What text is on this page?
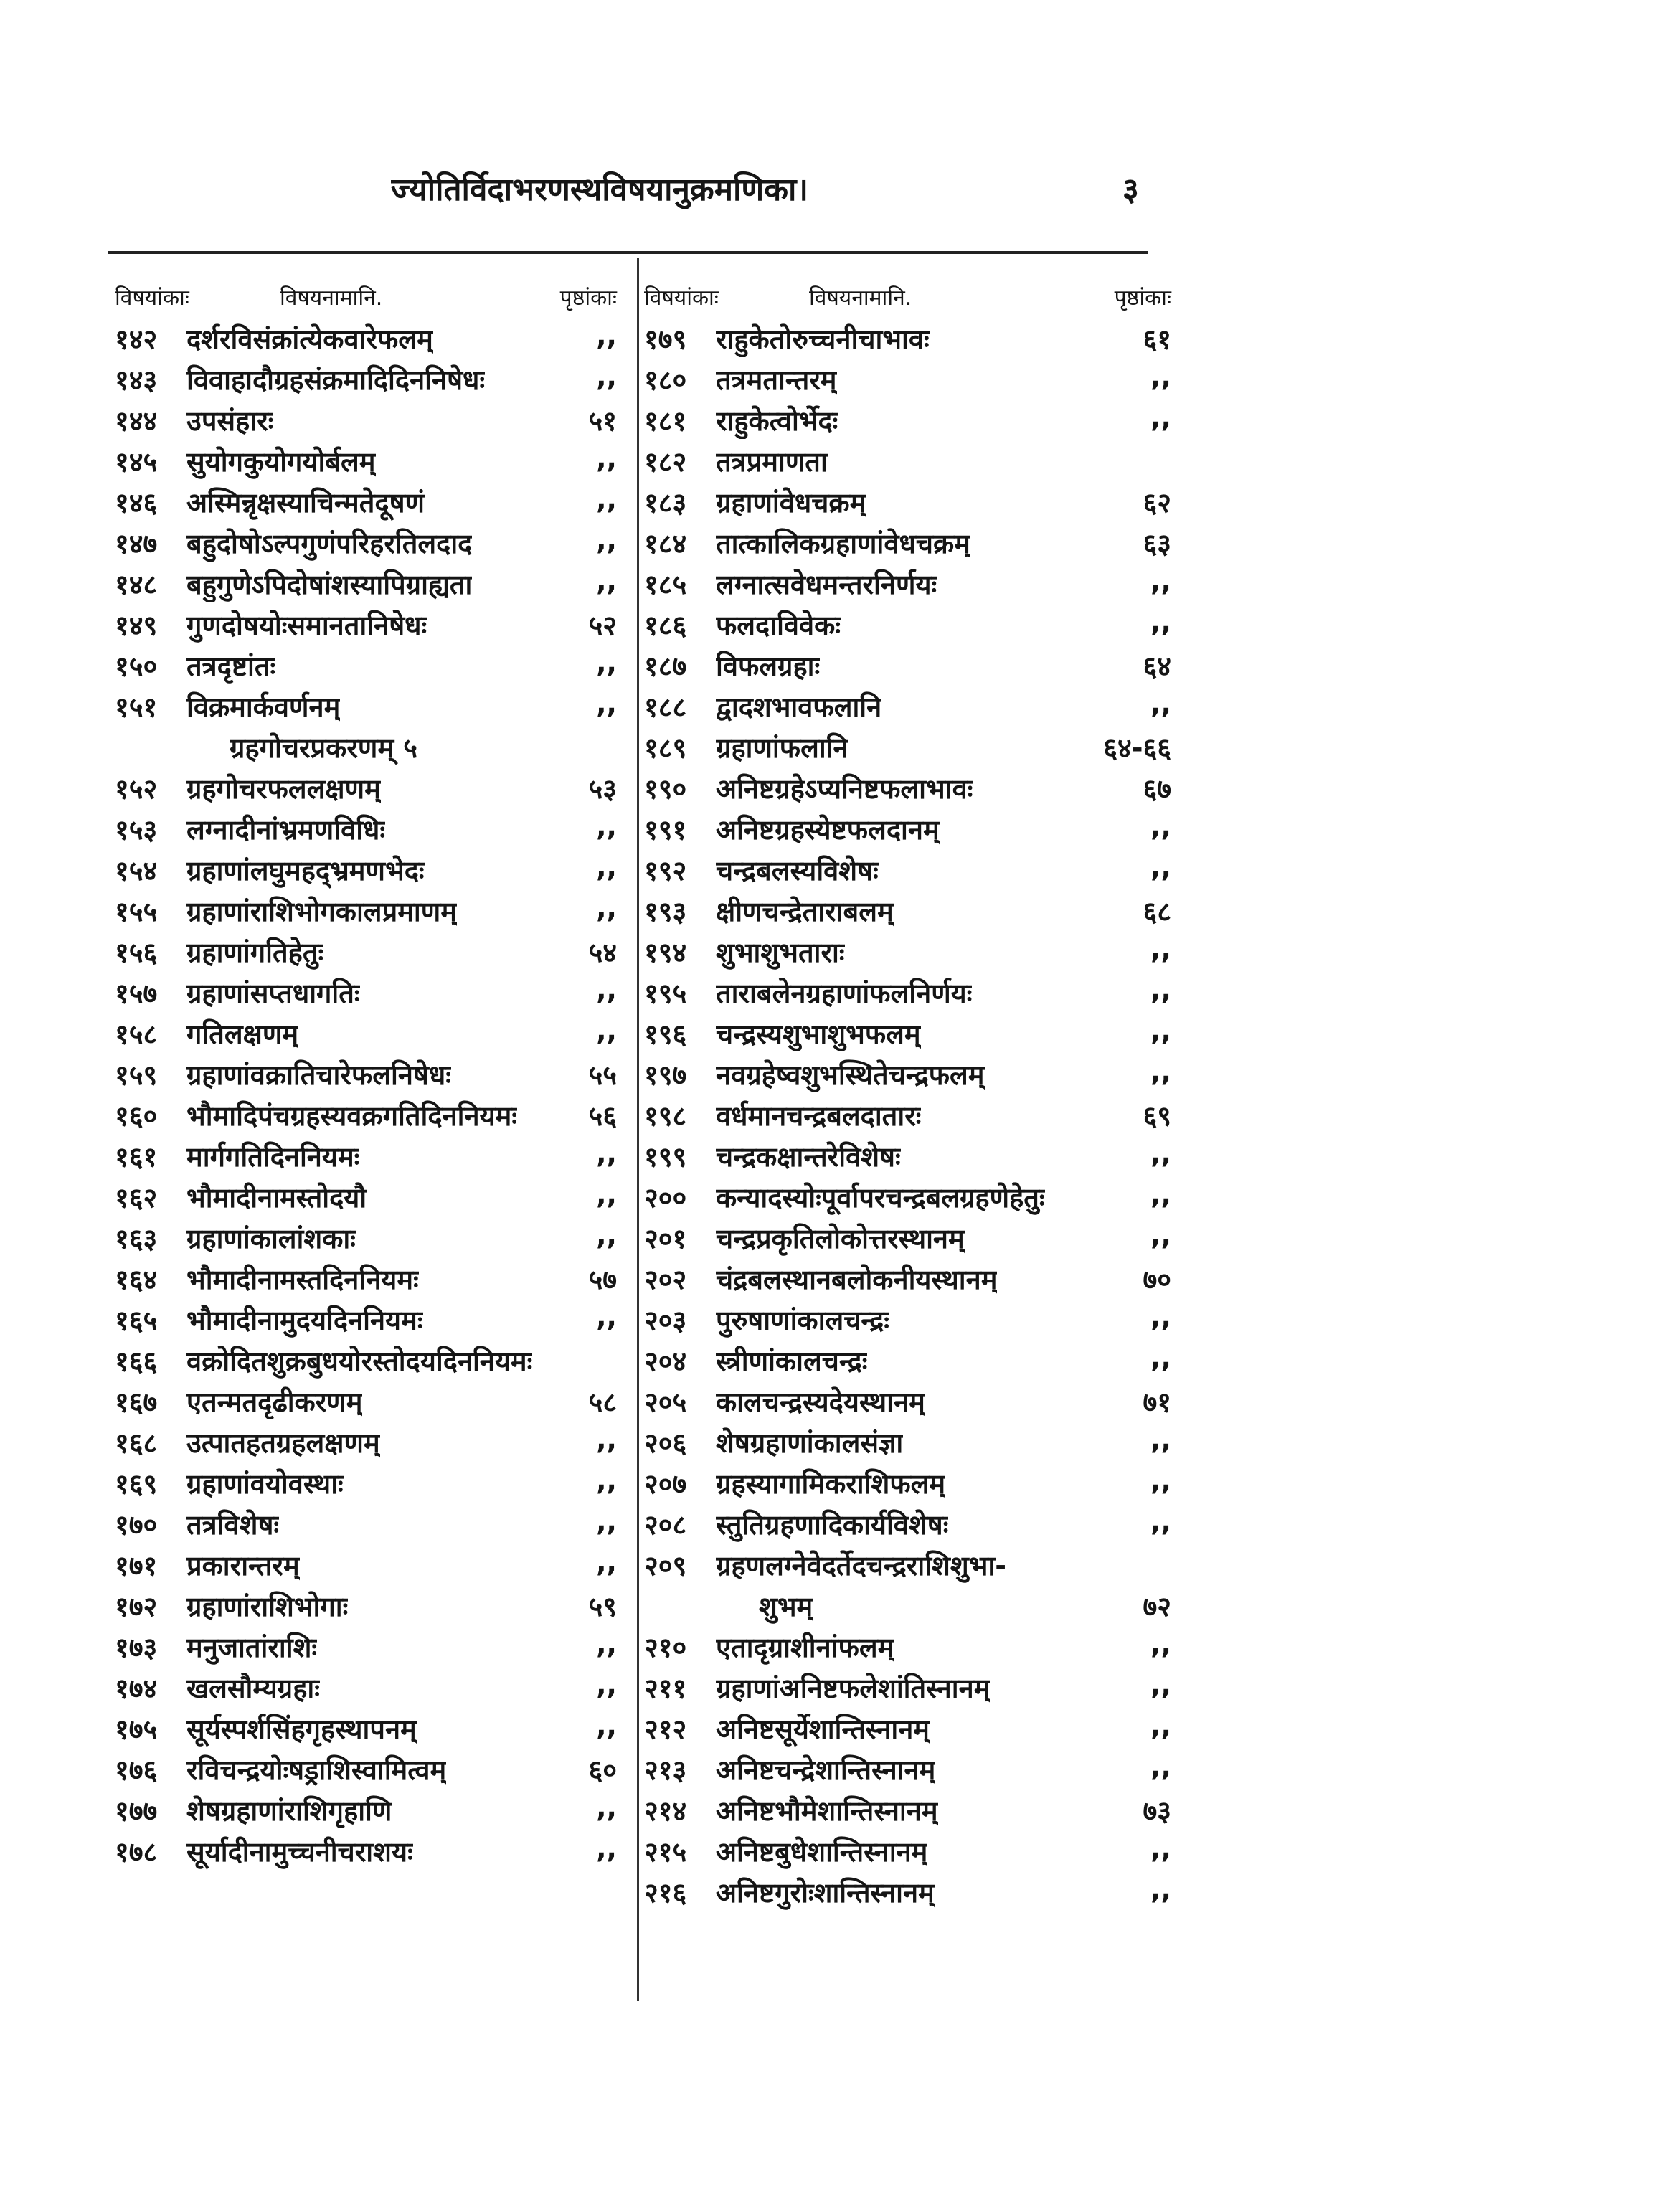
ज्योतिर्विदाभरणस्थविषयानुक्रमणिका।	३
विषयांकाः	विषयनामानि.	पृष्ठांकाः
१४२ दर्शरविसंक्रांत्येकवारेफलम्	,,
१४३ विवाहादौग्रहसंक्रमादिदिननिषेधः	,,
१४४ उपसंहारः	५१
१४५ सुयोगकुयोगयोर्बलम्	,,
१४६ अस्मिन्नृक्षस्याचिन्मतेदूषणं	,,
१४७ बहुदोषोऽल्पगुणंपरिहरतिलदाद	,,
१४८ बहुगुणेऽपिदोषांशस्यापिग्राह्यता	,,
१४९ गुणदोषयोःसमानतानिषेधः	५२
१५० तत्रदृष्टांतः	,,
१५१ विक्रमार्कवर्णनम्	,,
ग्रहगोचरप्रकरणम् ५
१५२ ग्रहगोचरफललक्षणम्	५३
१५३ लग्नादीनांभ्रमणविधिः	,,
१५४ ग्रहाणांलघुमहद्भ्रमणभेदः	,,
१५५ ग्रहाणांराशिभोगकालप्रमाणम्	,,
१५६ ग्रहाणांगतिहेतुः	५४
१५७ ग्रहाणांसप्तधागतिः	,,
१५८ गतिलक्षणम्	,,
१५९ ग्रहाणांवक्रातिचारेफलनिषेधः	५५
१६० भौमादिपंचग्रहस्यवक्रगतिदिननियमः	५६
१६१ मार्गगतिदिननियमः	,,
१६२ भौमादीनामस्तोदयौ	,,
१६३ ग्रहाणांकालांशकाः	,,
१६४ भौमादीनामस्तदिननियमः	५७
१६५ भौमादीनामुदयदिननियमः	,,
१६६ वक्रोदितशुक्रबुधयोरस्तोदयदिननियमः
१६७ एतन्मतदृढीकरणम्	५८
१६८ उत्पातहतग्रहलक्षणम्	,,
१६९ ग्रहाणांवयोवस्थाः	,,
१७० तत्रविशेषः	,,
१७१ प्रकारान्तरम्	,,
१७२ ग्रहाणांराशिभोगाः	५९
१७३ मनुजातांराशिः	,,
१७४ खलसौम्यग्रहाः	,,
१७५ सूर्यस्पर्शसिंहगृहस्थापनम्	,,
१७६ रविचन्द्रयोःषड्राशिस्वामित्वम्	६०
१७७ शेषग्रहाणांराशिगृहाणि	,,
१७८ सूर्यादीनामुच्चनीचराशयः	,,
विषयांकाः	विषयनामानि.	पृष्ठांकाः
१७९ राहुकेतोरुच्चनीचाभावः	६१
१८० तत्रमतान्तरम्	,,
१८१ राहुकेत्वोर्भेदः	,,
१८२ तत्रप्रमाणता
१८३ ग्रहाणांवेधचक्रम्	६२
१८४ तात्कालिकग्रहाणांवेधचक्रम्	६३
१८५ लग्नात्सवेधमन्तरनिर्णयः	,,
१८६ फलदाविवेकः	,,
१८७ विफलग्रहाः	६४
१८८ द्वादशभावफलानि	,,
१८९ ग्रहाणांफलानि	६४-६६
१९० अनिष्टग्रहेऽप्यनिष्टफलाभावः	६७
१९१ अनिष्टग्रहस्येष्टफलदानम्	,,
१९२ चन्द्रबलस्यविशेषः	,,
१९३ क्षीणचन्द्रेताराबलम्	६८
१९४ शुभाशुभताराः	,,
१९५ ताराबलेनग्रहाणांफलनिर्णयः	,,
१९६ चन्द्रस्यशुभाशुभफलम्	,,
१९७ नवग्रहेष्वशुभस्थितेचन्द्रफलम्	,,
१९८ वर्धमानचन्द्रबलदातारः	६९
१९९ चन्द्रकक्षान्तरेविशेषः	,,
२०० कन्यादस्योःपूर्वापरचन्द्रबलग्रहणेहेतुः	,,
२०१ चन्द्रप्रकृतिलोकोत्तरस्थानम्	,,
२०२ चंद्रबलस्थानबलोकनीयस्थानम्	७०
२०३ पुरुषाणांकालचन्द्रः	,,
२०४ स्त्रीणांकालचन्द्रः	,,
२०५ कालचन्द्रस्यदेयस्थानम्	७१
२०६ शेषग्रहाणांकालसंज्ञा	,,
२०७ ग्रहस्यागामिकराशिफलम्	,,
२०८ स्तुतिग्रहणादिकार्यविशेषः	,,
२०९ ग्रहणलग्नेवेदर्तेदचन्द्रराशिशुभा-
शुभम्	७२
२१० एतादृग्राशीनांफलम्	,,
२११ ग्रहाणांअनिष्टफलेशांतिस्नानम्	,,
२१२ अनिष्टसूर्येशान्तिस्नानम्	,,
२१३ अनिष्टचन्द्रेशान्तिस्नानम्	,,
२१४ अनिष्टभौमेशान्तिस्नानम्	७३
२१५ अनिष्टबुधेशान्तिस्नानम्	,,
२१६ अनिष्टगुरोःशान्तिस्नानम्	,,
